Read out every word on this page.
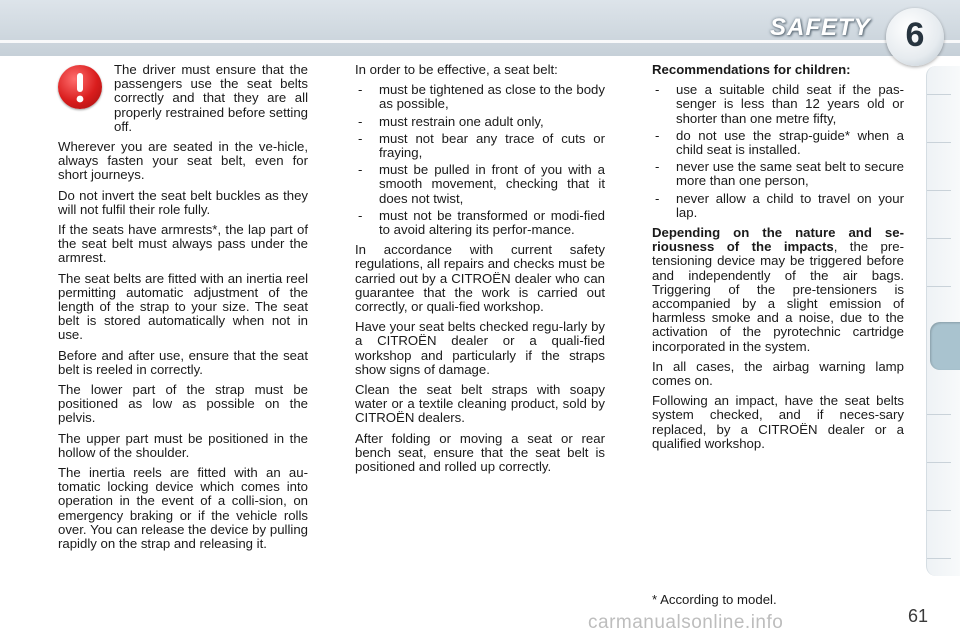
SAFETY	6

The driver must ensure that the passengers use the seat belts correctly and that they are all properly restrained before setting off.

Wherever you are seated in the ve-hicle, always fasten your seat belt, even for short journeys.

Do not invert the seat belt buckles as they will not fulfil their role fully.

If the seats have armrests*, the lap part of the seat belt must always pass under the armrest.

The seat belts are fitted with an inertia reel permitting automatic adjustment of the length of the strap to your size. The seat belt is stored automatically when not in use.

Before and after use, ensure that the seat belt is reeled in correctly.

The lower part of the strap must be positioned as low as possible on the pelvis.

The upper part must be positioned in the hollow of the shoulder.

The inertia reels are fitted with an au-tomatic locking device which comes into operation in the event of a colli-sion, on emergency braking or if the vehicle rolls over. You can release the device by pulling rapidly on the strap and releasing it.

In order to be effective, a seat belt:

- must be tightened as close to the body as possible,
- must restrain one adult only,
- must not bear any trace of cuts or fraying,
- must be pulled in front of you with a smooth movement, checking that it does not twist,
- must not be transformed or modi-fied to avoid altering its perfor-mance.

In accordance with current safety regulations, all repairs and checks must be carried out by a CITROËN dealer who can guarantee that the work is carried out correctly, or quali-fied workshop.

Have your seat belts checked regu-larly by a CITROËN dealer or a quali-fied workshop and particularly if the straps show signs of damage.

Clean the seat belt straps with soapy water or a textile cleaning product, sold by CITROËN dealers.

After folding or moving a seat or rear bench seat, ensure that the seat belt is positioned and rolled up correctly.

Recommendations for children:

- use a suitable child seat if the pas-senger is less than 12 years old or shorter than one metre fifty,
- do not use the strap-guide* when a child seat is installed.
- never use the same seat belt to secure more than one person,
- never allow a child to travel on your lap.

Depending on the nature and se-riousness of the impacts, the pre-tensioning device may be triggered before and independently of the air bags. Triggering of the pre-tensioners is accompanied by a slight emission of harmless smoke and a noise, due to the activation of the pyrotechnic cartridge incorporated in the system.

In all cases, the airbag warning lamp comes on.

Following an impact, have the seat belts system checked, and if neces-sary replaced, by a CITROËN dealer or a qualified workshop.

* According to model.
carmanualsonline.info	61
